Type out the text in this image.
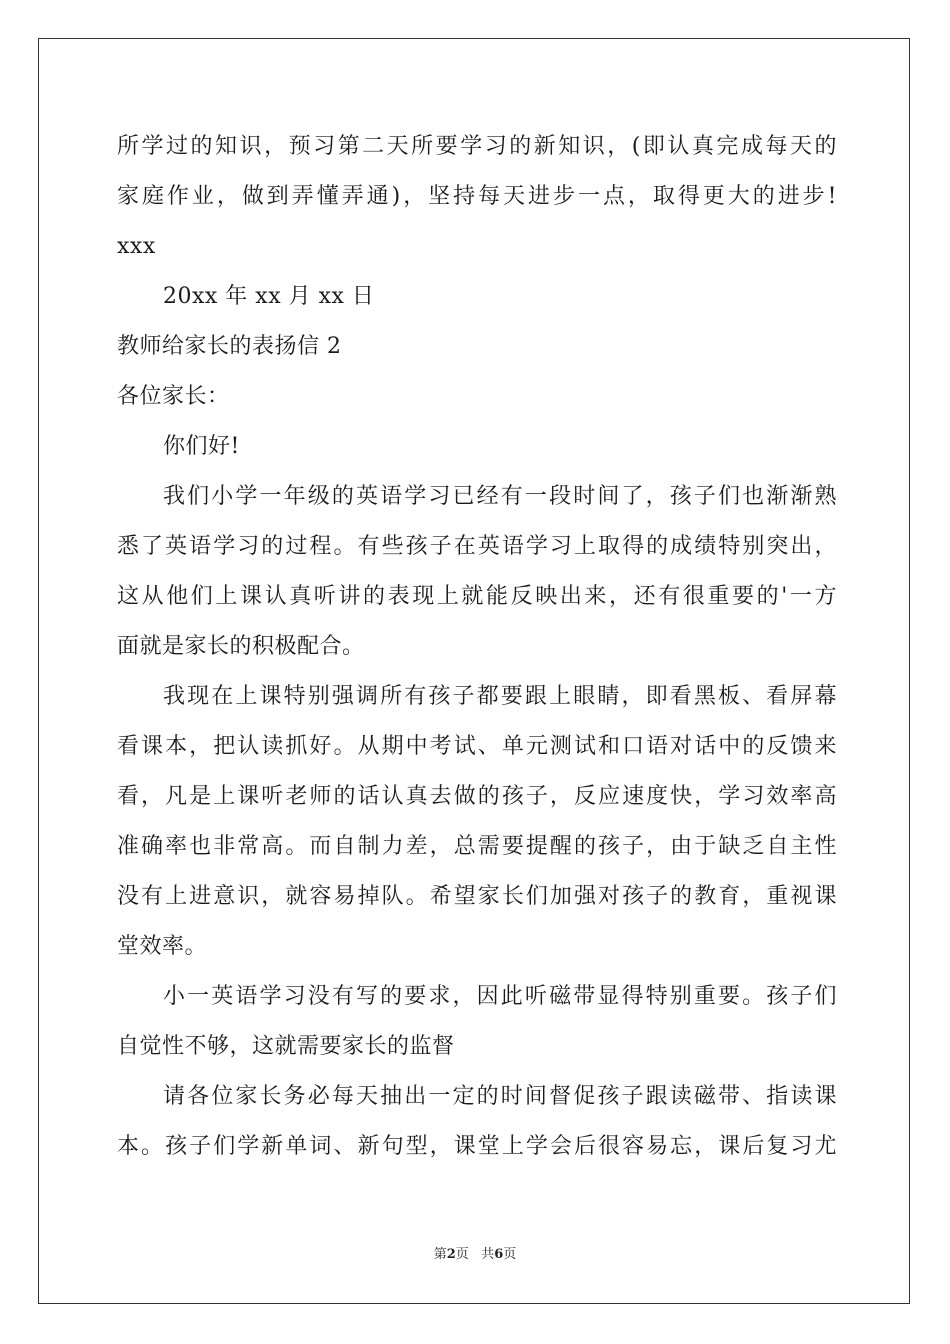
所学过的知识，预习第二天所要学习的新知识，(即认真完成每天的
家庭作业，做到弄懂弄通)，坚持每天进步一点，取得更大的进步!
xxx
20xx 年 xx 月 xx 日
教师给家长的表扬信 2
各位家长：
你们好!
我们小学一年级的英语学习已经有一段时间了，孩子们也渐渐熟
悉了英语学习的过程。有些孩子在英语学习上取得的成绩特别突出，
这从他们上课认真听讲的表现上就能反映出来，还有很重要的'一方
面就是家长的积极配合。
我现在上课特别强调所有孩子都要跟上眼睛，即看黑板、看屏幕
看课本，把认读抓好。从期中考试、单元测试和口语对话中的反馈来
看，凡是上课听老师的话认真去做的孩子，反应速度快，学习效率高
准确率也非常高。而自制力差，总需要提醒的孩子，由于缺乏自主性
没有上进意识，就容易掉队。希望家长们加强对孩子的教育，重视课
堂效率。
小一英语学习没有写的要求，因此听磁带显得特别重要。孩子们
自觉性不够，这就需要家长的监督
请各位家长务必每天抽出一定的时间督促孩子跟读磁带、指读课
本。孩子们学新单词、新句型，课堂上学会后很容易忘，课后复习尤
第2页 共6页
